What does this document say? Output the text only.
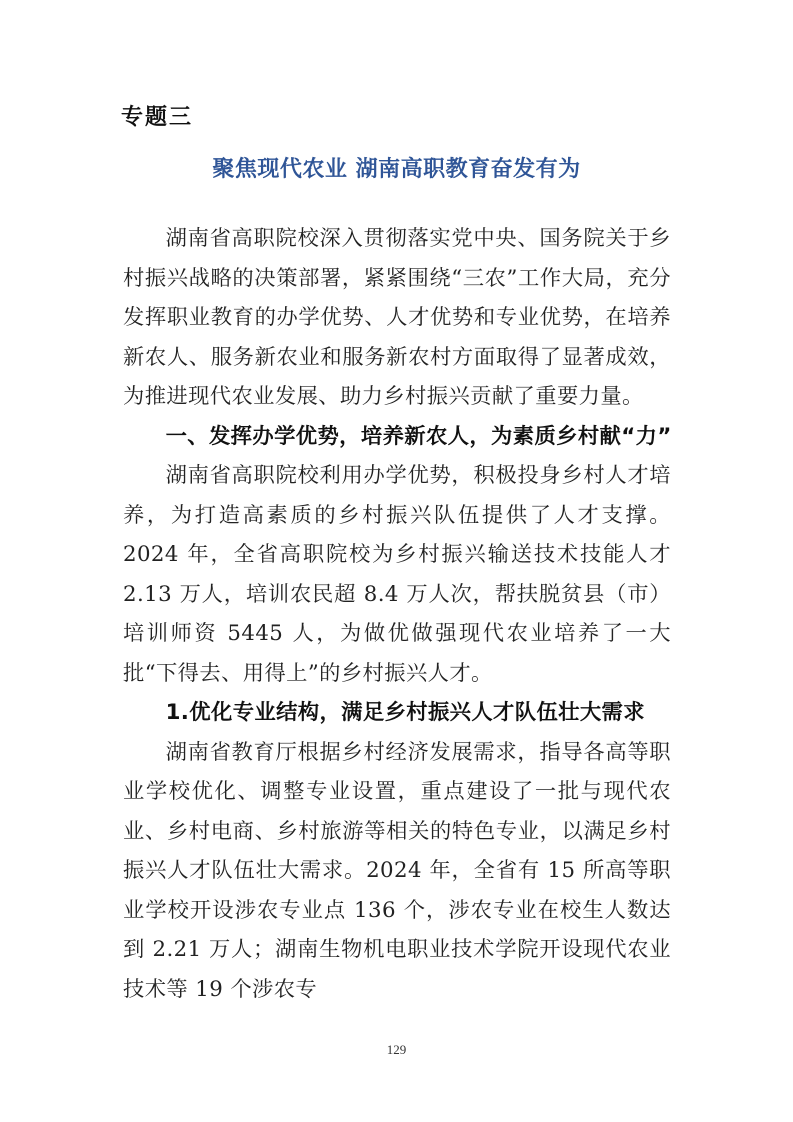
专题三

聚焦现代农业 湖南高职教育奋发有为

湖南省高职院校深入贯彻落实党中央、国务院关于乡村振兴战略的决策部署，紧紧围绕“三农”工作大局，充分发挥职业教育的办学优势、人才优势和专业优势，在培养新农人、服务新农业和服务新农村方面取得了显著成效，为推进现代农业发展、助力乡村振兴贡献了重要力量。

一、发挥办学优势，培养新农人，为素质乡村献“力”

湖南省高职院校利用办学优势，积极投身乡村人才培养，为打造高素质的乡村振兴队伍提供了人才支撑。2024 年，全省高职院校为乡村振兴输送技术技能人才 2.13 万人，培训农民超 8.4 万人次，帮扶脱贫县（市）培训师资 5445 人，为做优做强现代农业培养了一大批“下得去、用得上”的乡村振兴人才。

1.优化专业结构，满足乡村振兴人才队伍壮大需求

湖南省教育厅根据乡村经济发展需求，指导各高等职业学校优化、调整专业设置，重点建设了一批与现代农业、乡村电商、乡村旅游等相关的特色专业，以满足乡村振兴人才队伍壮大需求。2024 年，全省有 15 所高等职业学校开设涉农专业点 136 个，涉农专业在校生人数达到 2.21 万人；湖南生物机电职业技术学院开设现代农业技术等 19 个涉农专

129
